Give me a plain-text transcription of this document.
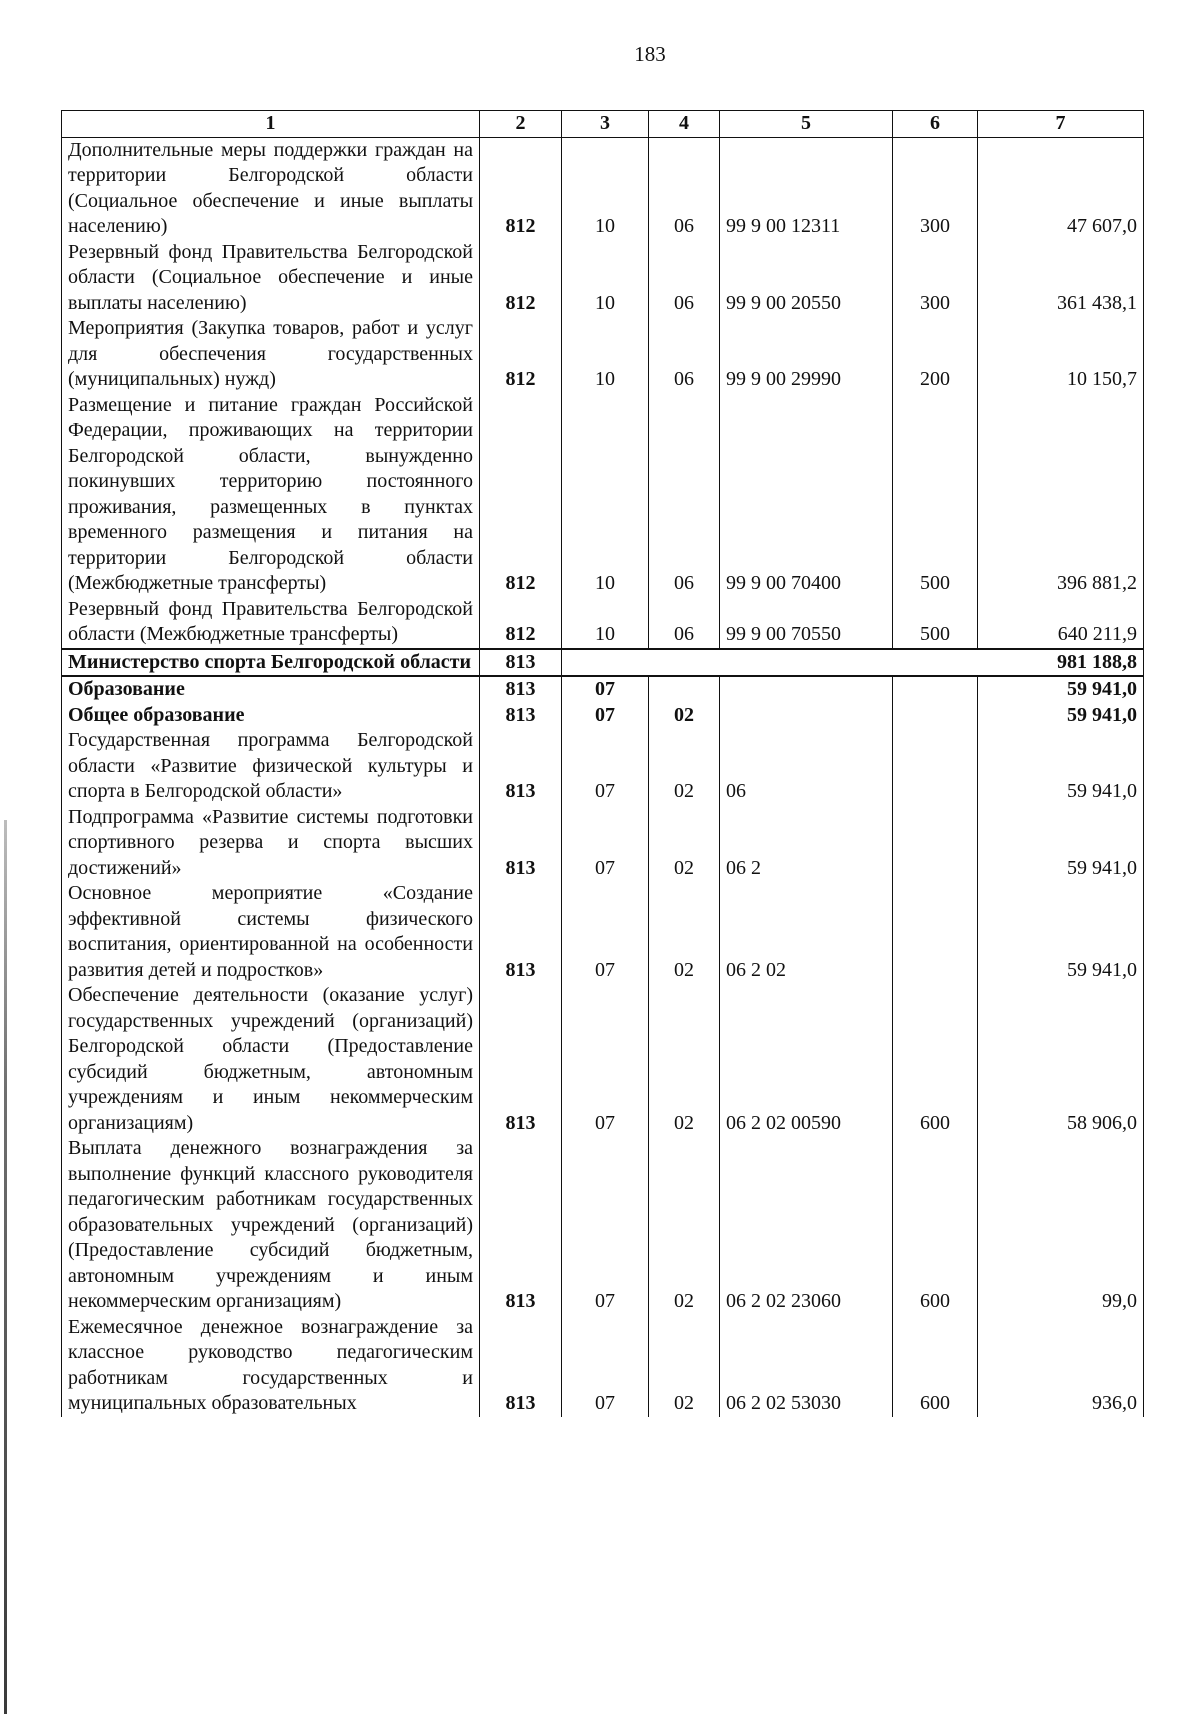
183
1	2	3	4	5	6	7
Дополнительные меры поддержки граждан на территории Белгородской области (Социальное обеспечение и иные выплаты населению)	812	10	06	99 9 00 12311	300	47 607,0
Резервный фонд Правительства Белгородской области (Социальное обеспечение и иные выплаты населению)	812	10	06	99 9 00 20550	300	361 438,1
Мероприятия (Закупка товаров, работ и услуг для обеспечения государственных (муниципальных) нужд)	812	10	06	99 9 00 29990	200	10 150,7
Размещение и питание граждан Российской Федерации, проживающих на территории Белгородской области, вынужденно покинувших территорию постоянного проживания, размещенных в пунктах временного размещения и питания на территории Белгородской области (Межбюджетные трансферты)	812	10	06	99 9 00 70400	500	396 881,2
Резервный фонд Правительства Белгородской области (Межбюджетные трансферты)	812	10	06	99 9 00 70550	500	640 211,9
Министерство спорта Белгородской области	813					981 188,8
Образование	813	07				59 941,0
Общее образование	813	07	02			59 941,0
Государственная программа Белгородской области «Развитие физической культуры и спорта в Белгородской области»	813	07	02	06		59 941,0
Подпрограмма «Развитие системы подготовки спортивного резерва и спорта высших достижений»	813	07	02	06 2		59 941,0
Основное мероприятие «Создание эффективной системы физического воспитания, ориентированной на особенности развития детей и подростков»	813	07	02	06 2 02		59 941,0
Обеспечение деятельности (оказание услуг) государственных учреждений (организаций) Белгородской области (Предоставление субсидий бюджетным, автономным учреждениям и иным некоммерческим организациям)	813	07	02	06 2 02 00590	600	58 906,0
Выплата денежного вознаграждения за выполнение функций классного руководителя педагогическим работникам государственных образовательных учреждений (организаций) (Предоставление субсидий бюджетным, автономным учреждениям и иным некоммерческим организациям)	813	07	02	06 2 02 23060	600	99,0
Ежемесячное денежное вознаграждение за классное руководство педагогическим работникам государственных и муниципальных образовательных	813	07	02	06 2 02 53030	600	936,0
